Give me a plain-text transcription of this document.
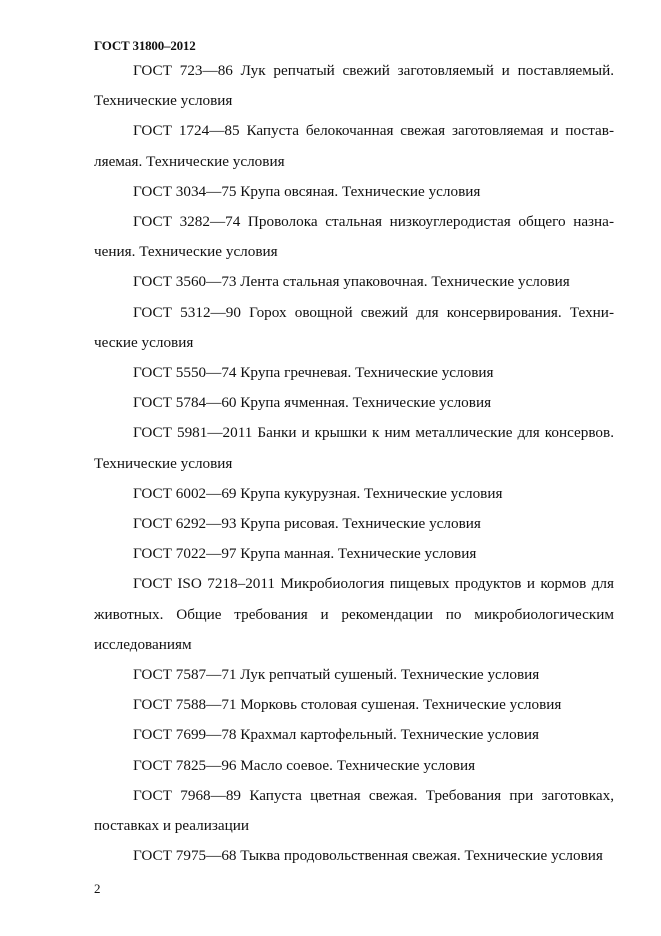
ГОСТ 31800–2012

ГОСТ 723—86 Лук репчатый свежий заготовляемый и поставляемый. Технические условия

ГОСТ 1724—85 Капуста белокочанная свежая заготовляемая и поставляемая. Технические условия

ГОСТ 3034—75 Крупа овсяная. Технические условия

ГОСТ 3282—74 Проволока стальная низкоуглеродистая общего назначения. Технические условия

ГОСТ 3560—73 Лента стальная упаковочная. Технические условия

ГОСТ 5312—90 Горох овощной свежий для консервирования. Технические условия

ГОСТ 5550—74 Крупа гречневая. Технические условия

ГОСТ 5784—60 Крупа ячменная. Технические условия

ГОСТ 5981—2011 Банки и крышки к ним металлические для консервов. Технические условия

ГОСТ 6002—69 Крупа кукурузная. Технические условия

ГОСТ 6292—93 Крупа рисовая. Технические условия

ГОСТ 7022—97 Крупа манная. Технические условия

ГОСТ ISO 7218–2011 Микробиология пищевых продуктов и кормов для животных. Общие требования и рекомендации по микробиологическим исследованиям

ГОСТ 7587—71 Лук репчатый сушеный. Технические условия

ГОСТ 7588—71 Морковь столовая сушеная. Технические условия

ГОСТ 7699—78 Крахмал картофельный. Технические условия

ГОСТ 7825—96 Масло соевое. Технические условия

ГОСТ 7968—89 Капуста цветная свежая. Требования при заготовках, поставках и реализации

ГОСТ 7975—68 Тыква продовольственная свежая. Технические условия

2
